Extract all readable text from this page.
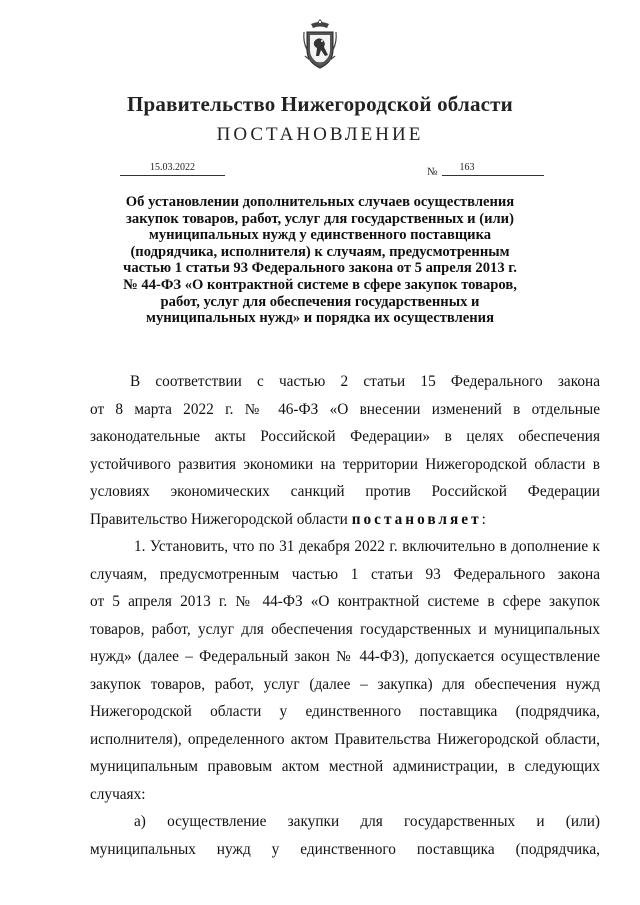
Правительство Нижегородской области
ПОСТАНОВЛЕНИЕ
15.03.2022	№	163
Об установлении дополнительных случаев осуществления
закупок товаров, работ, услуг для государственных и (или)
муниципальных нужд у единственного поставщика
(подрядчика, исполнителя) к случаям, предусмотренным
частью 1 статьи 93 Федерального закона от 5 апреля 2013 г.
№ 44-ФЗ «О контрактной системе в сфере закупок товаров,
работ, услуг для обеспечения государственных и
муниципальных нужд» и порядка их осуществления
В соответствии с частью 2 статьи 15 Федерального закона
от 8 марта 2022 г. № 46-ФЗ «О внесении изменений в отдельные
законодательные акты Российской Федерации» в целях обеспечения
устойчивого развития экономики на территории Нижегородской области в
условиях экономических санкций против Российской Федерации
Правительство Нижегородской области постановляет:
1. Установить, что по 31 декабря 2022 г. включительно в дополнение к
случаям, предусмотренным частью 1 статьи 93 Федерального закона
от 5 апреля 2013 г. № 44-ФЗ «О контрактной системе в сфере закупок
товаров, работ, услуг для обеспечения государственных и муниципальных
нужд» (далее – Федеральный закон № 44-ФЗ), допускается осуществление
закупок товаров, работ, услуг (далее – закупка) для обеспечения нужд
Нижегородской области у единственного поставщика (подрядчика,
исполнителя), определенного актом Правительства Нижегородской области,
муниципальным правовым актом местной администрации, в следующих
случаях:
а) осуществление закупки для государственных и (или)
муниципальных нужд у единственного поставщика (подрядчика,
